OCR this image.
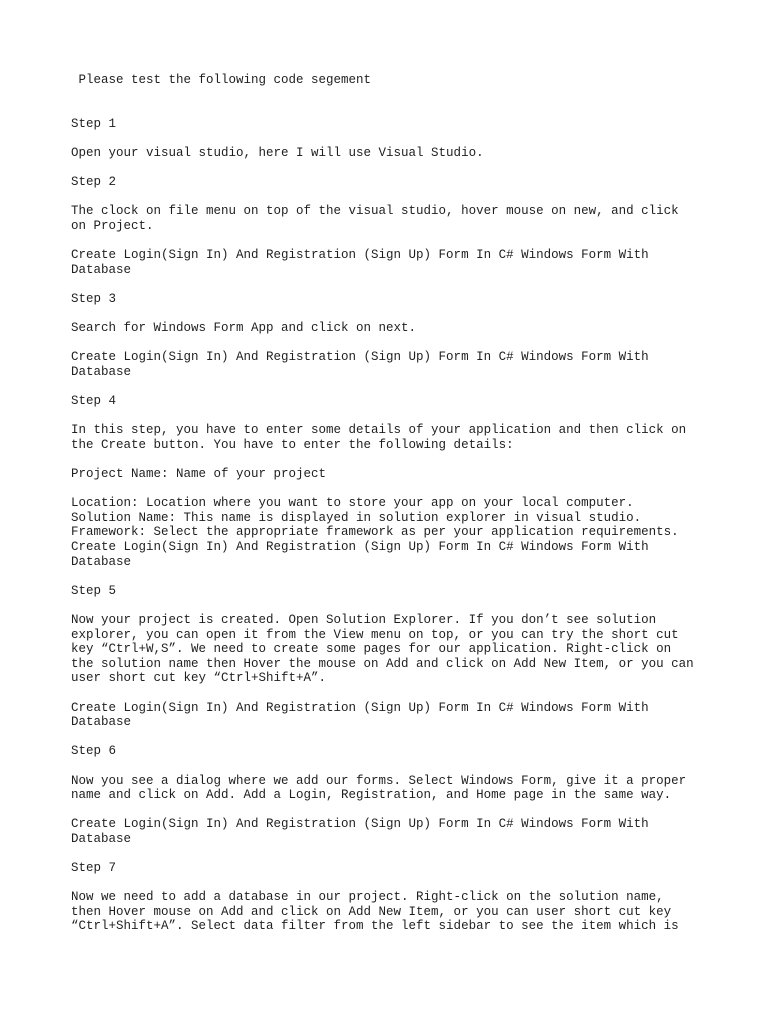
Please test the following code segement
Step 1
Open your visual studio, here I will use Visual Studio.
Step 2
The clock on file menu on top of the visual studio, hover mouse on new, and click
on Project.
Create Login(Sign In) And Registration (Sign Up) Form In C# Windows Form With
Database
Step 3
Search for Windows Form App and click on next.
Create Login(Sign In) And Registration (Sign Up) Form In C# Windows Form With
Database
Step 4
In this step, you have to enter some details of your application and then click on
the Create button. You have to enter the following details:
Project Name: Name of your project
Location: Location where you want to store your app on your local computer.
Solution Name: This name is displayed in solution explorer in visual studio.
Framework: Select the appropriate framework as per your application requirements.
Create Login(Sign In) And Registration (Sign Up) Form In C# Windows Form With
Database
Step 5
Now your project is created. Open Solution Explorer. If you don’t see solution
explorer, you can open it from the View menu on top, or you can try the short cut
key “Ctrl+W,S”. We need to create some pages for our application. Right-click on
the solution name then Hover the mouse on Add and click on Add New Item, or you can
user short cut key “Ctrl+Shift+A”.
Create Login(Sign In) And Registration (Sign Up) Form In C# Windows Form With
Database
Step 6
Now you see a dialog where we add our forms. Select Windows Form, give it a proper
name and click on Add. Add a Login, Registration, and Home page in the same way.
Create Login(Sign In) And Registration (Sign Up) Form In C# Windows Form With
Database
Step 7
Now we need to add a database in our project. Right-click on the solution name,
then Hover mouse on Add and click on Add New Item, or you can user short cut key
“Ctrl+Shift+A”. Select data filter from the left sidebar to see the item which is
